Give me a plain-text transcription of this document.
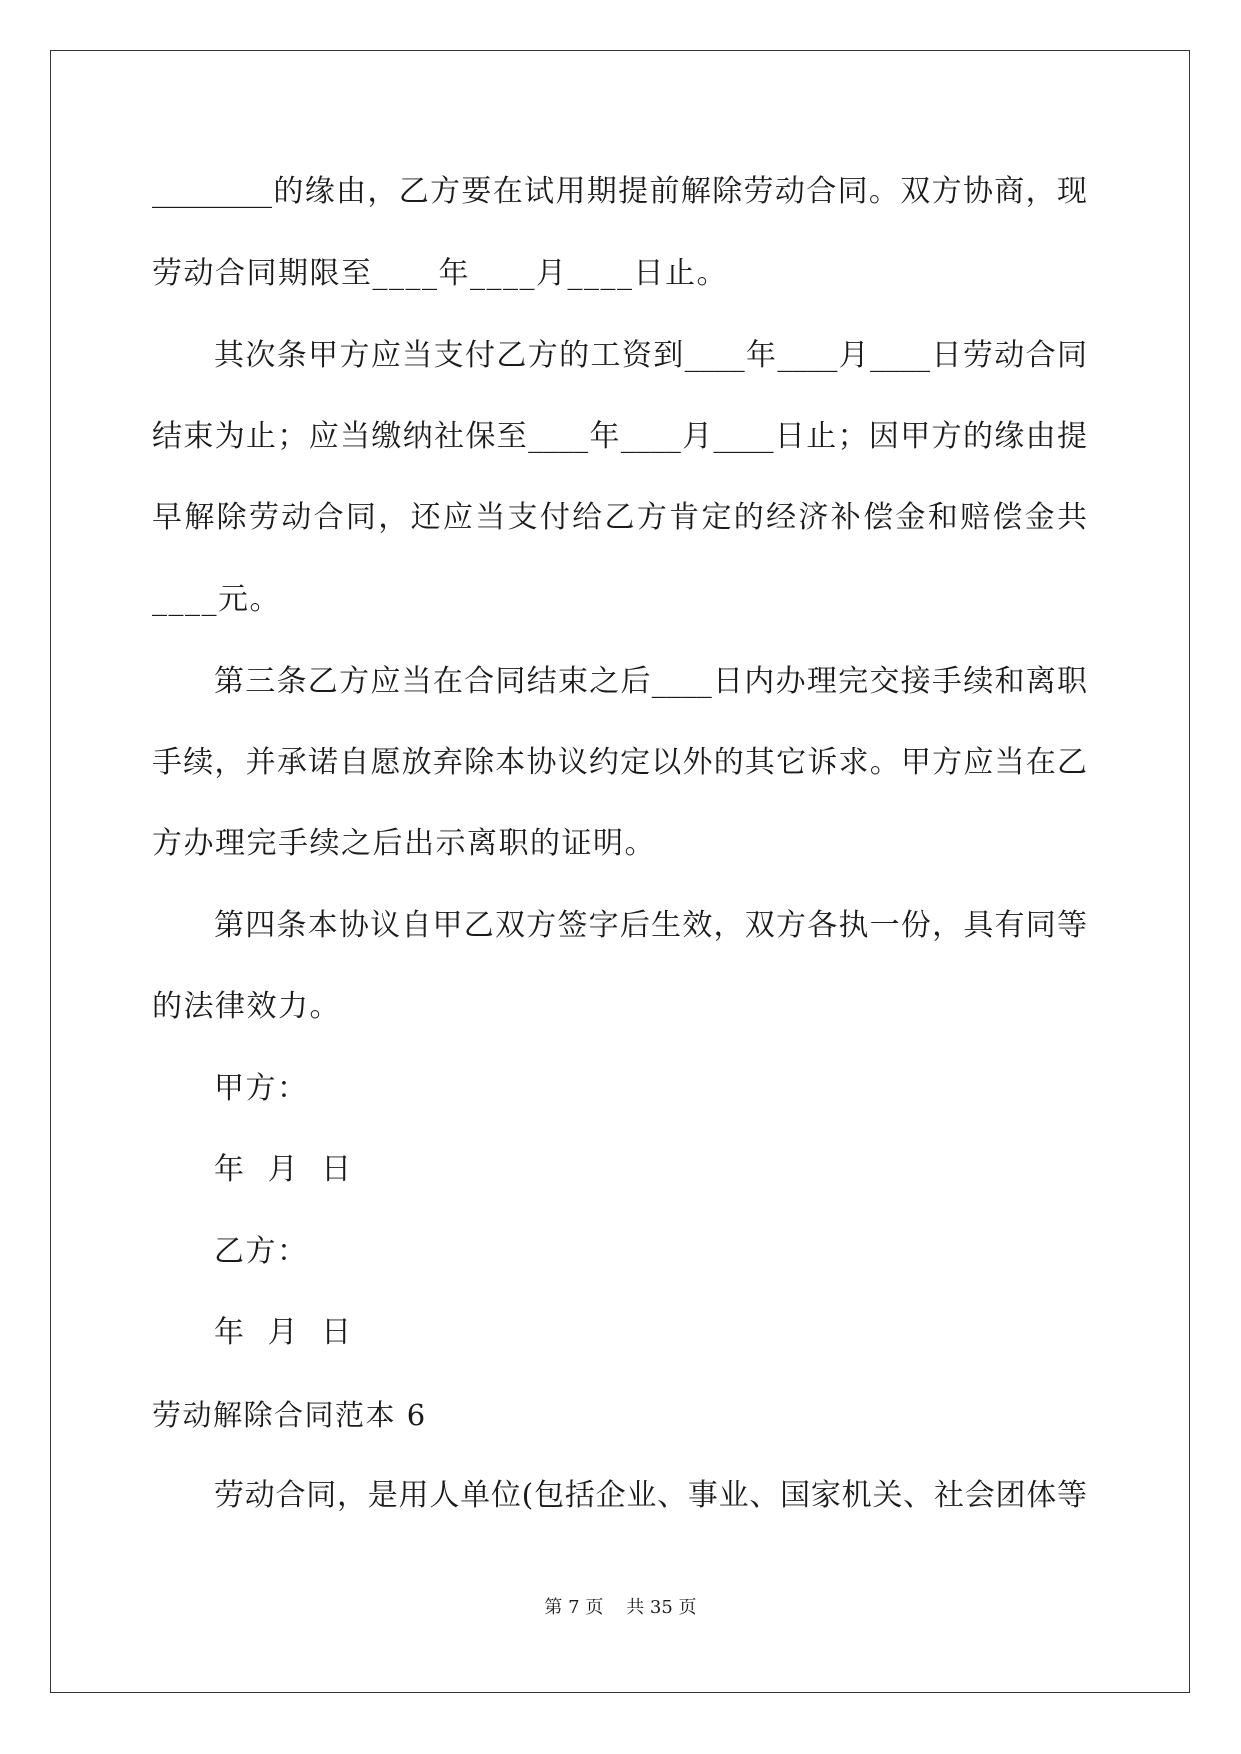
________的缘由，乙方要在试用期提前解除劳动合同。双方协商，现
劳动合同期限至____年____月____日止。
其次条甲方应当支付乙方的工资到____年____月____日劳动合同
结束为止；应当缴纳社保至____年____月____日止；因甲方的缘由提
早解除劳动合同，还应当支付给乙方肯定的经济补偿金和赔偿金共
____元。
第三条乙方应当在合同结束之后____日内办理完交接手续和离职
手续，并承诺自愿放弃除本协议约定以外的其它诉求。甲方应当在乙
方办理完手续之后出示离职的证明。
第四条本协议自甲乙双方签字后生效，双方各执一份，具有同等
的法律效力。
甲方：
年  月  日
乙方：
年  月  日
劳动解除合同范本 6
劳动合同，是用人单位(包括企业、事业、国家机关、社会团体等
第 7 页    共 35 页
